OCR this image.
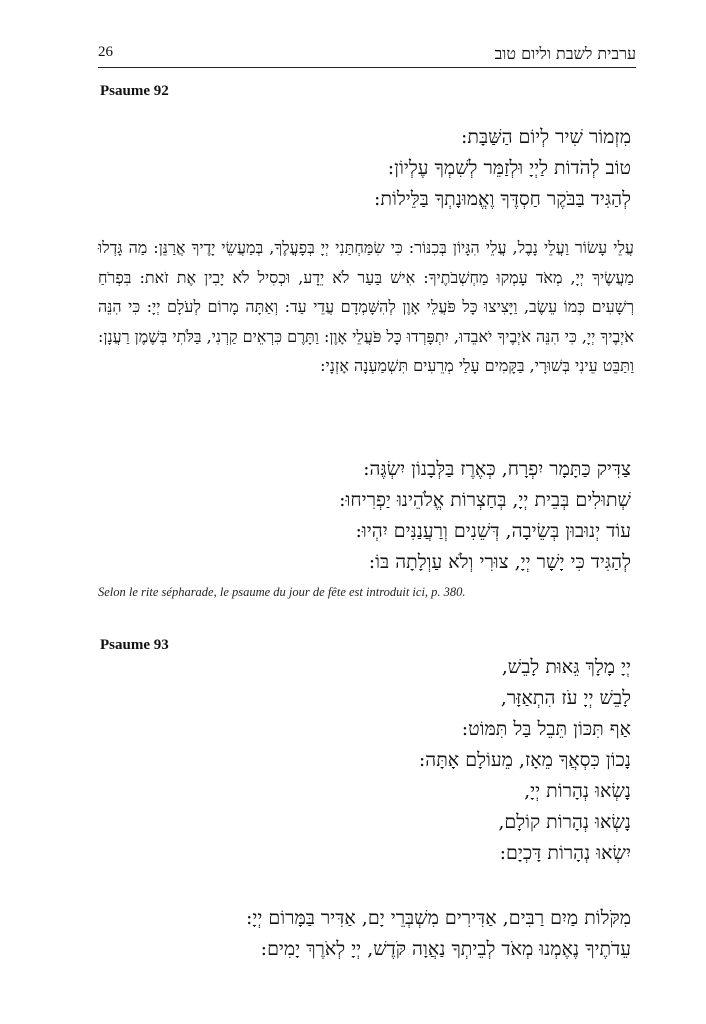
26	ערבית לשבת וליום טוב
Psaume 92
מִזְמוֹר שִׁיר לְיוֹם הַשַּׁבָּת:
טוֹב לְהֹדוֹת לַיְיָ וּלְזַמֵּר לְשִׁמְךָ עֶלְיוֹן:
לְהַגִּיד בַּבֹּקֶר חַסְדֶּךָ וֶאֱמוּנָתְךָ בַּלֵּילוֹת:
עֲלֵי עָשׂוֹר וַעֲלֵי נָבֶל, עֲלֵי הִגָּיוֹן בְּכִנּוֹר: כִּי שִׂמַּחְתַּנִי יְיָ בְּפָעֳלֶךָ, בְּמַעֲשֵׂי יָדֶיךָ אֲרַנֵּן: מַה גָּדְלוּ מַעֲשֶׂיךָ יְיָ, מְאֹד עָמְקוּ מַחְשְׁבֹתֶיךָ: אִישׁ בַּעַר לֹא יֵדָע, וּכְסִיל לֹא יָבִין אֶת זֹאת: בִּפְרֹחַ רְשָׁעִים כְּמוֹ עֵשֶׂב, וַיָּצִיצוּ כָּל פֹּעֲלֵי אָוֶן לְהִשָּׁמְדָם עֲדֵי עַד: וְאַתָּה מָרוֹם לְעֹלָם יְיָ: כִּי הִנֵּה אֹיְבֶיךָ יְיָ, כִּי הִנֵּה אֹיְבֶיךָ יֹאבֵדוּ, יִתְפָּרְדוּ כָּל פֹּעֲלֵי אָוֶן: וַתָּרֶם כִּרְאֵים קַרְנִי, בַּלֹּתִי בְּשֶׁמֶן רַעֲנָן: וַתַּבֵּט עֵינִי בְּשׁוּרָי, בַּקָּמִים עָלַי מְרֵעִים תִּשְׁמַעְנָה אָזְנָי:
צַדִּיק כַּתָּמָר יִפְרָח, כְּאֶרֶז בַּלְּבָנוֹן יִשְׂגֶּה:
שְׁתוּלִים בְּבֵית יְיָ, בְּחַצְרוֹת אֱלֹהֵינוּ יַפְרִיחוּ:
עוֹד יְנוּבוּן בְּשֵׂיבָה, דְּשֵׁנִים וְרַעֲנַנִּים יִהְיוּ:
לְהַגִּיד כִּי יָשָׁר יְיָ, צוּרִי וְלֹא עַוְלָתָה בּוֹ:
Selon le rite sépharade, le psaume du jour de fête est introduit ici, p. 380.
Psaume 93
יְיָ מָלָךְ גֵּאוּת לָבֵשׁ,
לָבֵשׁ יְיָ עֹז הִתְאַזָּר,
אַף תִּכּוֹן תֵּבֵל בַּל תִּמּוֹט:
נָכוֹן כִּסְאֲךָ מֵאָז, מֵעוֹלָם אָתָּה:
נָשְׂאוּ נְהָרוֹת יְיָ,
נָשְׂאוּ נְהָרוֹת קוֹלָם,
יִשְׂאוּ נְהָרוֹת דָּכְיָם:
מִקֹּלוֹת מַיִם רַבִּים, אַדִּירִים מִשְׁבְּרֵי יָם, אַדִּיר בַּמָּרוֹם יְיָ:
עֵדֹתֶיךָ נֶאֶמְנוּ מְאֹד לְבֵיתְךָ נַאֲוָה קֹּדֶשׁ, יְיָ לְאֹרֶךְ יָמִים:
